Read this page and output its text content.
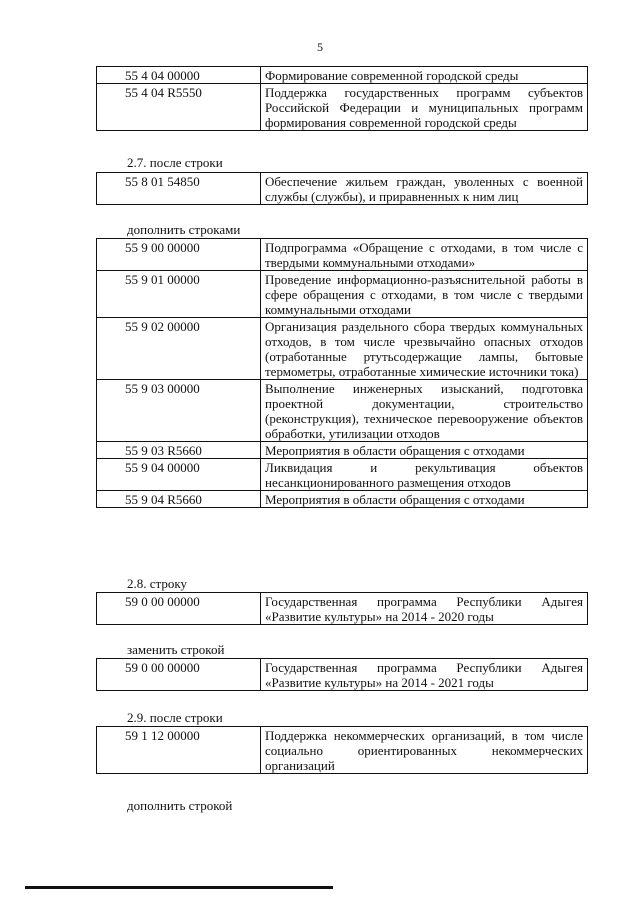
5
55 4 04 00000	Формирование современной городской среды
55 4 04 R5550	Поддержка государственных программ субъектов Российской Федерации и муниципальных программ формирования современной городской среды
2.7. после строки
55 8 01 54850	Обеспечение жильем граждан, уволенных с военной службы (службы), и приравненных к ним лиц
дополнить строками
55 9 00 00000	Подпрограмма «Обращение с отходами, в том числе с твердыми коммунальными отходами»
55 9 01 00000	Проведение информационно-разъяснительной работы в сфере обращения с отходами, в том числе с твердыми коммунальными отходами
55 9 02 00000	Организация раздельного сбора твердых коммунальных отходов, в том числе чрезвычайно опасных отходов (отработанные ртутьсодержащие лампы, бытовые термометры, отработанные химические источники тока)
55 9 03 00000	Выполнение инженерных изысканий, подготовка проектной документации, строительство (реконструкция), техническое перевооружение объектов обработки, утилизации отходов
55 9 03 R5660	Мероприятия в области обращения с отходами
55 9 04 00000	Ликвидация и рекультивация объектов несанкционированного размещения отходов
55 9 04 R5660	Мероприятия в области обращения с отходами
2.8. строку
59 0 00 00000	Государственная программа Республики Адыгея «Развитие культуры» на 2014 - 2020 годы
заменить строкой
59 0 00 00000	Государственная программа Республики Адыгея «Развитие культуры» на 2014 - 2021 годы
2.9. после строки
59 1 12 00000	Поддержка некоммерческих организаций, в том числе социально ориентированных некоммерческих организаций
дополнить строкой
